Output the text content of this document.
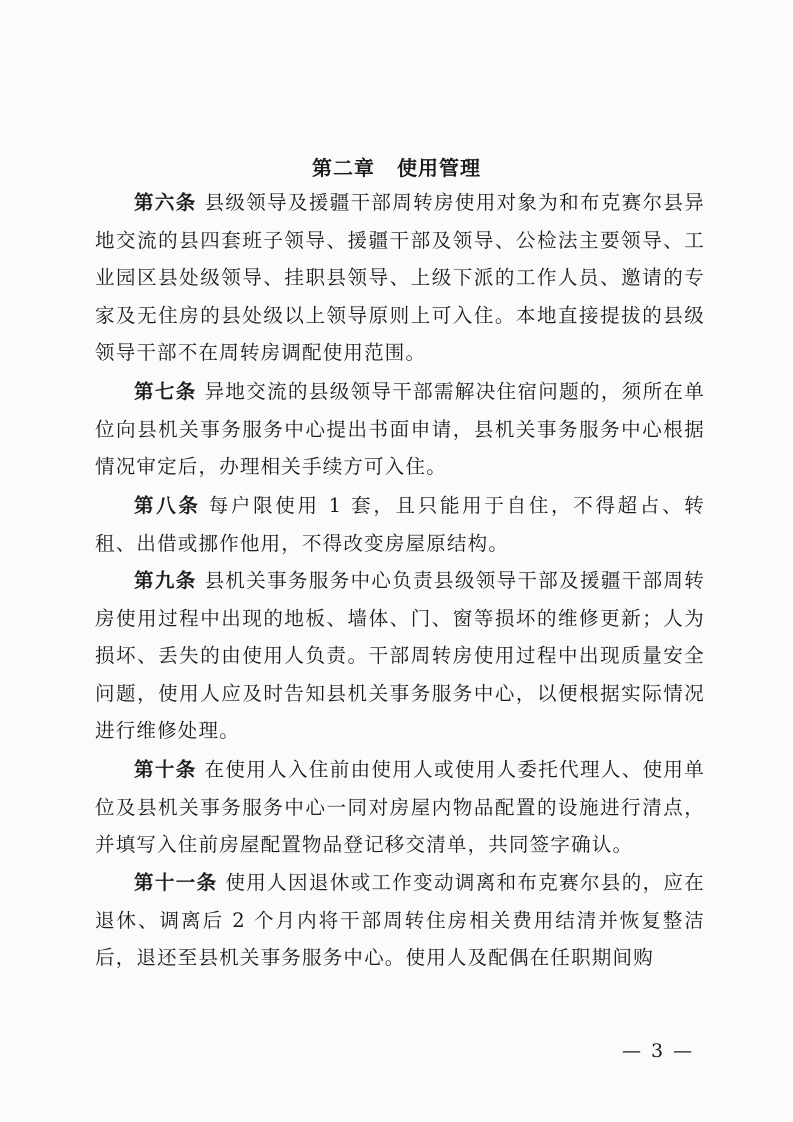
第二章 使用管理

第六条 县级领导及援疆干部周转房使用对象为和布克赛尔县异地交流的县四套班子领导、援疆干部及领导、公检法主要领导、工业园区县处级领导、挂职县领导、上级下派的工作人员、邀请的专家及无住房的县处级以上领导原则上可入住。本地直接提拔的县级领导干部不在周转房调配使用范围。

第七条 异地交流的县级领导干部需解决住宿问题的，须所在单位向县机关事务服务中心提出书面申请，县机关事务服务中心根据情况审定后，办理相关手续方可入住。

第八条 每户限使用 1 套，且只能用于自住，不得超占、转租、出借或挪作他用，不得改变房屋原结构。

第九条 县机关事务服务中心负责县级领导干部及援疆干部周转房使用过程中出现的地板、墙体、门、窗等损坏的维修更新；人为损坏、丢失的由使用人负责。干部周转房使用过程中出现质量安全问题，使用人应及时告知县机关事务服务中心，以便根据实际情况进行维修处理。

第十条 在使用人入住前由使用人或使用人委托代理人、使用单位及县机关事务服务中心一同对房屋内物品配置的设施进行清点，并填写入住前房屋配置物品登记移交清单，共同签字确认。

第十一条 使用人因退休或工作变动调离和布克赛尔县的，应在退休、调离后 2 个月内将干部周转住房相关费用结清并恢复整洁后，退还至县机关事务服务中心。使用人及配偶在任职期间购

— 3 —
